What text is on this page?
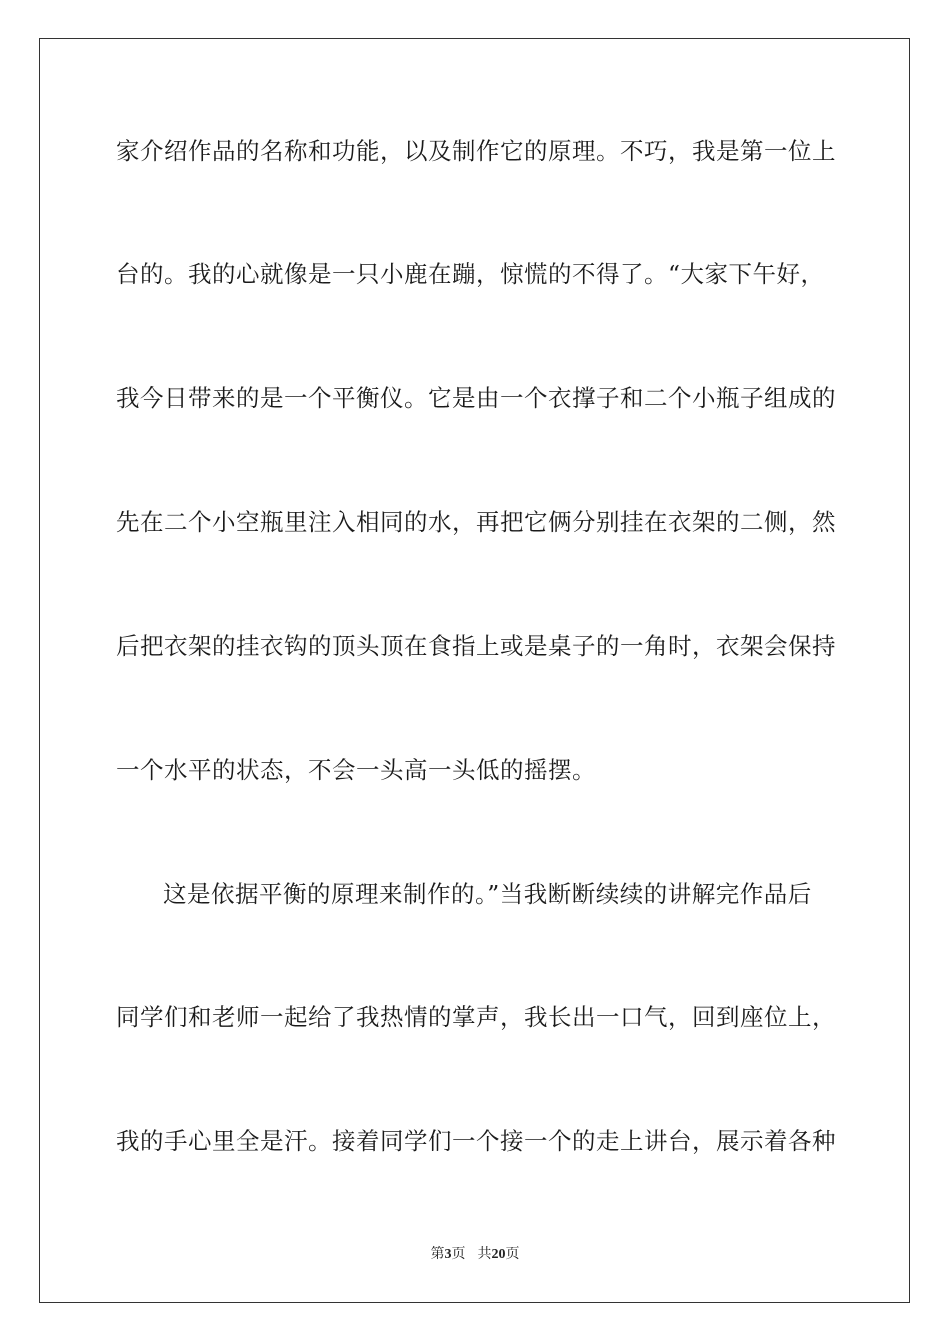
家介绍作品的名称和功能，以及制作它的原理。不巧，我是第一位上
台的。我的心就像是一只小鹿在蹦，惊慌的不得了。“大家下午好，
我今日带来的是一个平衡仪。它是由一个衣撑子和二个小瓶子组成的
先在二个小空瓶里注入相同的水，再把它俩分别挂在衣架的二侧，然
后把衣架的挂衣钩的顶头顶在食指上或是桌子的一角时，衣架会保持
一个水平的状态，不会一头高一头低的摇摆。
这是依据平衡的原理来制作的。”当我断断续续的讲解完作品后
同学们和老师一起给了我热情的掌声，我长出一口气，回到座位上，
我的手心里全是汗。接着同学们一个接一个的走上讲台，展示着各种
第3页 共20页
